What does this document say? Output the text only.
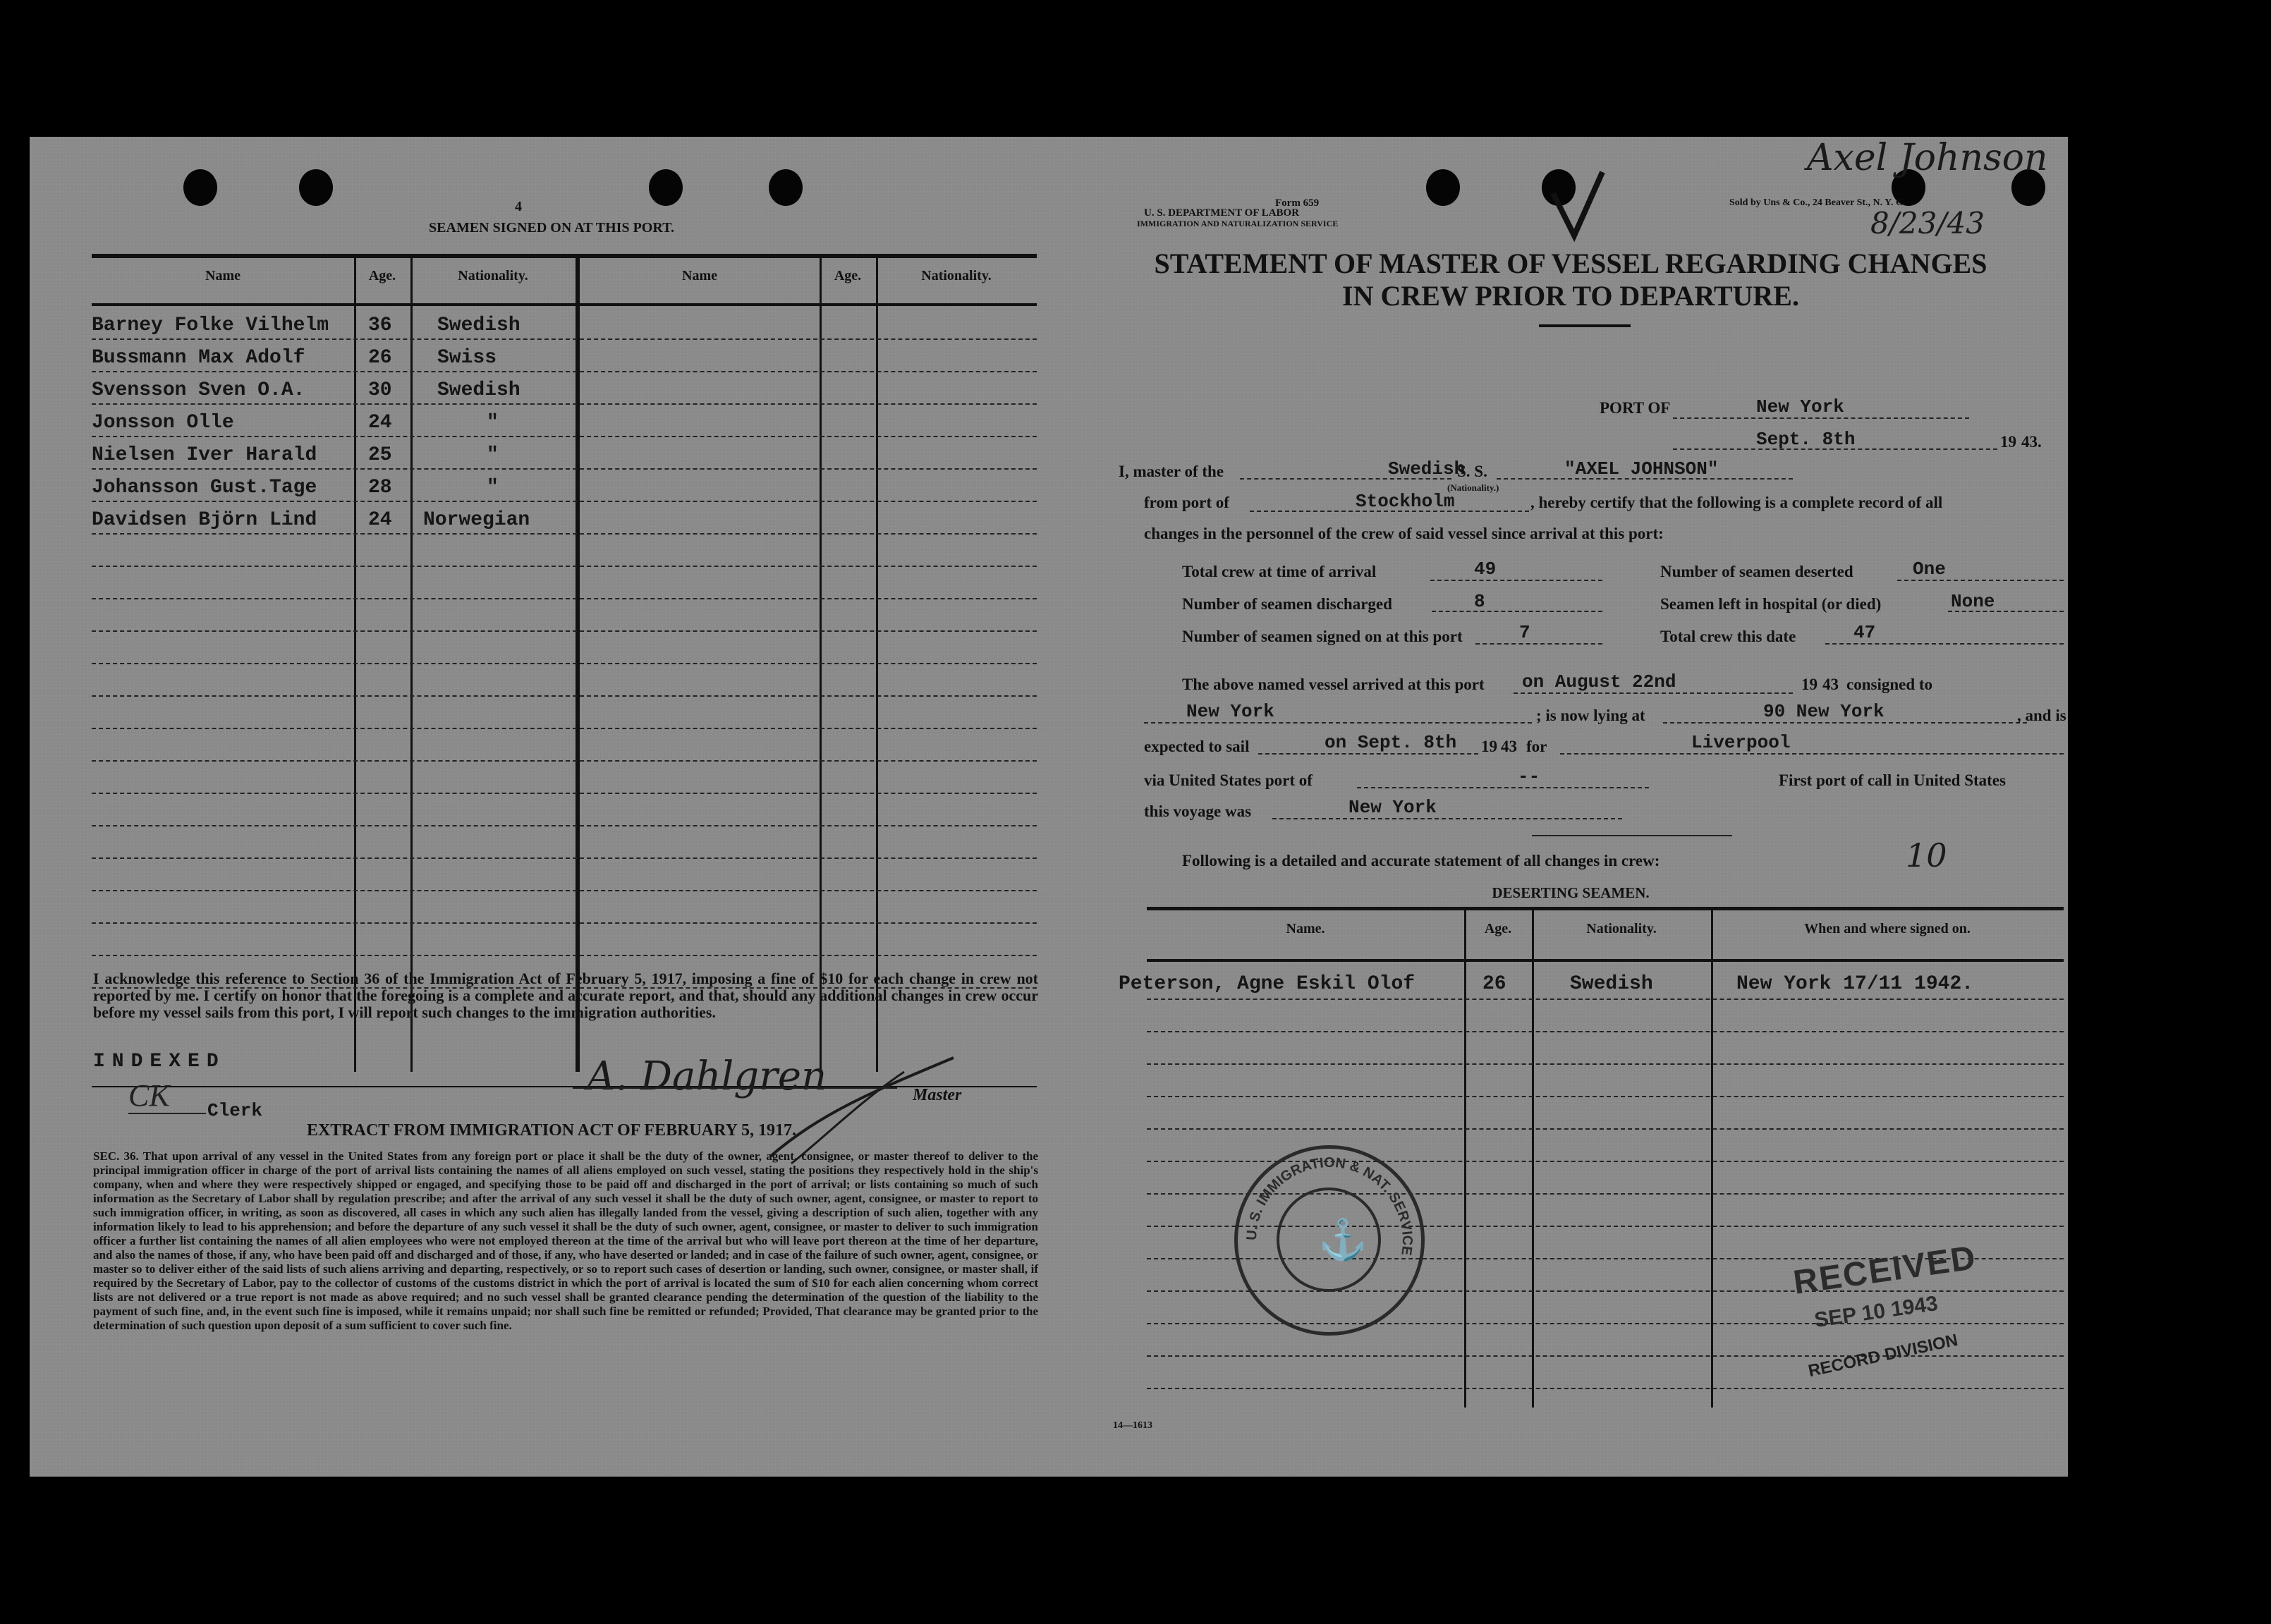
4
SEAMEN SIGNED ON AT THIS PORT.
Name	Age.	Nationality.	Name	Age.	Nationality.
Barney Folke Vilhelm 36 Swedish
Bussmann Max Adolf	26 Swiss
Svensson Sven O.A.	30 Swedish
Jonsson Olle	24	"
Nielsen Iver Harald	25	"
Johansson Gust.Tage	28	"
Davidsen Björn Lind	24 Norwegian
I acknowledge this reference to Section 36 of the Immigration Act of February 5, 1917, imposing a fine of $10 for each change in crew not reported by me. I certify on honor that the foregoing is a complete and accurate report, and that, should any additional changes in crew occur before my vessel sails from this port, I will report such changes to the immigration authorities.
INDEXED
CK Clerk
A. Dahlgren	Master
EXTRACT FROM IMMIGRATION ACT OF FEBRUARY 5, 1917.
SEC. 36. That upon arrival of any vessel in the United States from any foreign port or place it shall be the duty of the owner, agent, consignee, or master thereof to deliver to the principal immigration officer in charge of the port of arrival lists containing the names of all aliens employed on such vessel, stating the positions they respectively hold in the ship's company, when and where they were respectively shipped or engaged, and specifying those to be paid off and discharged in the port of arrival; or lists containing so much of such information as the Secretary of Labor shall by regulation prescribe; and after the arrival of any such vessel it shall be the duty of such owner, agent, consignee, or master to report to such immigration officer, in writing, as soon as discovered, all cases in which any such alien has illegally landed from the vessel, giving a description of such alien, together with any information likely to lead to his apprehension; and before the departure of any such vessel it shall be the duty of such owner, agent, consignee, or master to deliver to such immigration officer a further list containing the names of all alien employees who were not employed thereon at the time of the arrival but who will leave port thereon at the time of her departure, and also the names of those, if any, who have been paid off and discharged and of those, if any, who have deserted or landed; and in case of the failure of such owner, agent, consignee, or master so to deliver either of the said lists of such aliens arriving and departing, respectively, or so to report such cases of desertion or landing, such owner, consignee, or master shall, if required by the Secretary of Labor, pay to the collector of customs of the customs district in which the port of arrival is located the sum of $10 for each alien concerning whom correct lists are not delivered or a true report is not made as above required; and no such vessel shall be granted clearance pending the determination of the question of the liability to the payment of such fine, and, in the event such fine is imposed, while it remains unpaid; nor shall such fine be remitted or refunded; Provided, That clearance may be granted prior to the determination of such question upon deposit of a sum sufficient to cover such fine.
Form 659
U. S. DEPARTMENT OF LABOR
IMMIGRATION AND NATURALIZATION SERVICE
Sold by Uns & Co., 24 Beaver St., N. Y. C.
Axel Johnson
8/23/43
STATEMENT OF MASTER OF VESSEL REGARDING CHANGES
IN CREW PRIOR TO DEPARTURE.
PORT OF	New York
Sept. 8th	19 43.
I, master of the	Swedish
(Nationality.)
S. S.	"AXEL JOHNSON"
from port of	Stockholm	, hereby certify that the following is a complete record of all
changes in the personnel of the crew of said vessel since arrival at this port:
Total crew at time of arrival	49	Number of seamen deserted	One
Number of seamen discharged	8	Seamen left in hospital (or died)	None
Number of seamen signed on at this port	7	Total crew this date	47
The above named vessel arrived at this port on August 22nd	19 43 consigned to
New York	; is now lying at	90 New York	, and is
expected to sail	on Sept. 8th 19 43 for	Liverpool
via United States port of	--	First port of call in United States
this voyage was	New York
Following is a detailed and accurate statement of all changes in crew:	10
DESERTING SEAMEN.
Name.	Age.	Nationality.	When and where signed on.
Peterson, Agne Eskil Olof	26	Swedish	New York 17/11 1942.
U. S. IMMIGRATION & NAT. SERVICE
⚓	RECEIVED
SEP 10 1943
RECORD DIVISION
14—1613
